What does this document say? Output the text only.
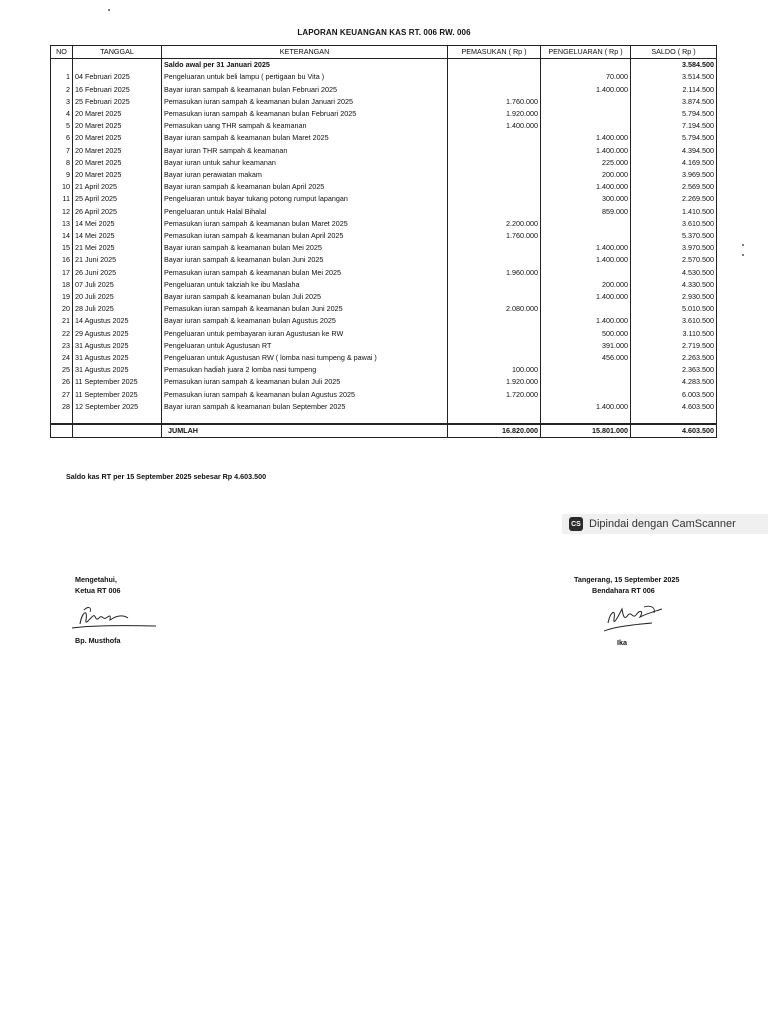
LAPORAN KEUANGAN KAS RT. 006 RW. 006
NO	TANGGAL	KETERANGAN	PEMASUKAN ( Rp )	PENGELUARAN ( Rp )	SALDO ( Rp )
		Saldo awal per 31 Januari 2025			3.584.500
1	04 Februari 2025	Pengeluaran untuk beli lampu ( pertigaan bu Vita )		70.000	3.514.500
2	16 Februari 2025	Bayar iuran sampah & keamanan bulan Februari 2025		1.400.000	2.114.500
3	25 Februari 2025	Pemasukan iuran sampah & keamanan bulan Januari 2025	1.760.000		3.874.500
4	20 Maret 2025	Pemasukan iuran sampah & keamanan bulan Februari 2025	1.920.000		5.794.500
5	20 Maret 2025	Pemasukan uang THR sampah & keamanan	1.400.000		7.194.500
6	20 Maret 2025	Bayar iuran sampah & keamanan bulan Maret 2025		1.400.000	5.794.500
7	20 Maret 2025	Bayar iuran THR sampah & keamanan		1.400.000	4.394.500
8	20 Maret 2025	Bayar iuran untuk sahur keamanan		225.000	4.169.500
9	20 Maret 2025	Bayar iuran perawatan makam		200.000	3.969.500
10	21 April 2025	Bayar iuran sampah & keamanan bulan April 2025		1.400.000	2.569.500
11	25 April 2025	Pengeluaran untuk bayar tukang potong rumput lapangan		300.000	2.269.500
12	26 April 2025	Pengeluaran untuk Halal Bihalal		859.000	1.410.500
13	14 Mei 2025	Pemasukan iuran sampah & keamanan bulan Maret 2025	2.200.000		3.610.500
14	14 Mei 2025	Pemasukan iuran sampah & keamanan bulan April 2025	1.760.000		5.370.500
15	21 Mei 2025	Bayar iuran sampah & keamanan bulan Mei 2025		1.400.000	3.970.500
16	21 Juni 2025	Bayar iuran sampah & keamanan bulan Juni 2025		1.400.000	2.570.500
17	26 Juni 2025	Pemasukan iuran sampah & keamanan bulan Mei 2025	1.960.000		4.530.500
18	07 Juli 2025	Pengeluaran untuk takziah ke ibu Maslaha		200.000	4.330.500
19	20 Juli 2025	Bayar iuran sampah & keamanan bulan Juli 2025		1.400.000	2.930.500
20	28 Juli 2025	Pemasukan iuran sampah & keamanan bulan Juni 2025	2.080.000		5.010.500
21	14 Agustus 2025	Bayar iuran sampah & keamanan bulan Agustus 2025		1.400.000	3.610.500
22	29 Agustus 2025	Pengeluaran untuk pembayaran iuran Agustusan ke RW		500.000	3.110.500
23	31 Agustus 2025	Pengeluaran untuk Agustusan RT		391.000	2.719.500
24	31 Agustus 2025	Pengeluaran untuk Agustusan RW ( lomba nasi tumpeng & pawai )		456.000	2.263.500
25	31 Agustus 2025	Pemasukan hadiah juara 2 lomba nasi tumpeng	100.000		2.363.500
26	11 September 2025	Pemasukan iuran sampah & keamanan bulan Juli 2025	1.920.000		4.283.500
27	11 September 2025	Pemasukan iuran sampah & keamanan bulan Agustus 2025	1.720.000		6.003.500
28	12 September 2025	Bayar iuran sampah & keamanan bulan September 2025		1.400.000	4.603.500

		JUMLAH	16.820.000	15.801.000	4.603.500
Saldo kas RT per 15 September 2025 sebesar Rp 4.603.500
CS Dipindai dengan CamScanner
Mengetahui,
Ketua RT 006
Bp. Musthofa
Tangerang, 15 September 2025
Bendahara RT 006
Ika
